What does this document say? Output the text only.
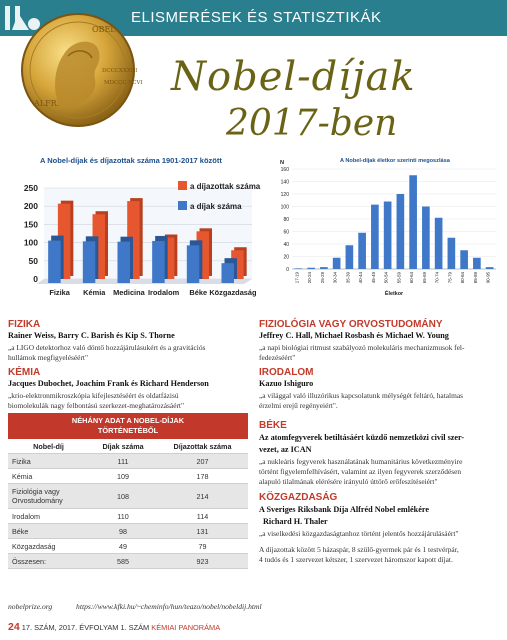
ELISMERÉSEK ÉS STATISZTIKÁK
OBEL
ALFR.
DCCCXXXIII
MDCCC XCVI Nobel-díjak
2017-ben
A Nobel-díjak és díjazottak száma 1901-2017 között
0
50
100
150
200
250
Fizika Kémia Medicina Irodalom Béke Közgazdaság
a díjazottak száma
a díjak száma
A Nobel-díjak életkor szerinti megoszlása
N
0
20
40
60
80
100
120
140
160
17-19 20-24 25-29 30-34 35-39 40-44 45-49 50-54 55-59 60-64 65-69 70-74 75-79 80-84 85-89 90-95
Életkor
FIZIKA
Rainer Weiss, Barry C. Barish és Kip S. Thorne
„a LIGO detektorhoz való döntő hozzájárulásukért és a gravitációs
hullámok megfigyeléséért"
KÉMIA
Jacques Dubochet, Joachim Frank és Richard Henderson
„krio-elektronmikroszkópia kifejlesztéséért és oldatfázisú
biomolekulák nagy felbontású szerkezet-meghatározásáért"
NÉHÁNY ADAT A NOBEL-DÍJAK
TÖRTÉNETÉBŐL		

Nobel-díj	Díjak száma	Díjazottak száma
Fizika	111	207
Kémia	109	178

Fiziológia vagy
Orvostudomány	108	214
Irodalom	110	114
Béke	98	131
Közgazdaság	49	79
Összesen:	585	923
FIZIOLÓGIA VAGY ORVOSTUDOMÁNY
Jeffrey C. Hall, Michael Rosbash és Michael W. Young
„a napi biológiai ritmust szabályozó molekuláris mechanizmusok fel-
fedezéséért"
IRODALOM
Kazuo Ishiguro
„a világgal való illuzórikus kapcsolatunk mélységét feltáró, hatalmas
érzelmi erejű regényeiért".
BÉKE
Az atomfegyverek betiltásáért küzdő nemzetközi civil szer-
vezet, az ICAN
„a nukleáris fegyverek használatának humanitárius következményire
történt figyelemfelhívásért, valamint az ilyen fegyverek szerződésen
alapuló tilalmának elérésére irányuló úttörő erőfeszítéseiért"
KÖZGAZDASÁG
A Sveriges Riksbank Díja Alfréd Nobel emlékére
Richard H. Thaler
„a viselkedési közgazdaságtanhoz történt jelentős hozzájárulásáért"
A díjazottak között 5 házaspár, 8 szülő-gyermek pár és 1 testvérpár,
4 tudós és 1 szervezet kétszer, 1 szervezet háromszor kapott díjat.
nobelprize.org	https://www.kfki.hu/~cheminfo/hun/teazo/nobel/nobeldij.html
24 17. SZÁM, 2017. ÉVFOLYAM 1. SZÁM KÉMIAI PANORÁMA
